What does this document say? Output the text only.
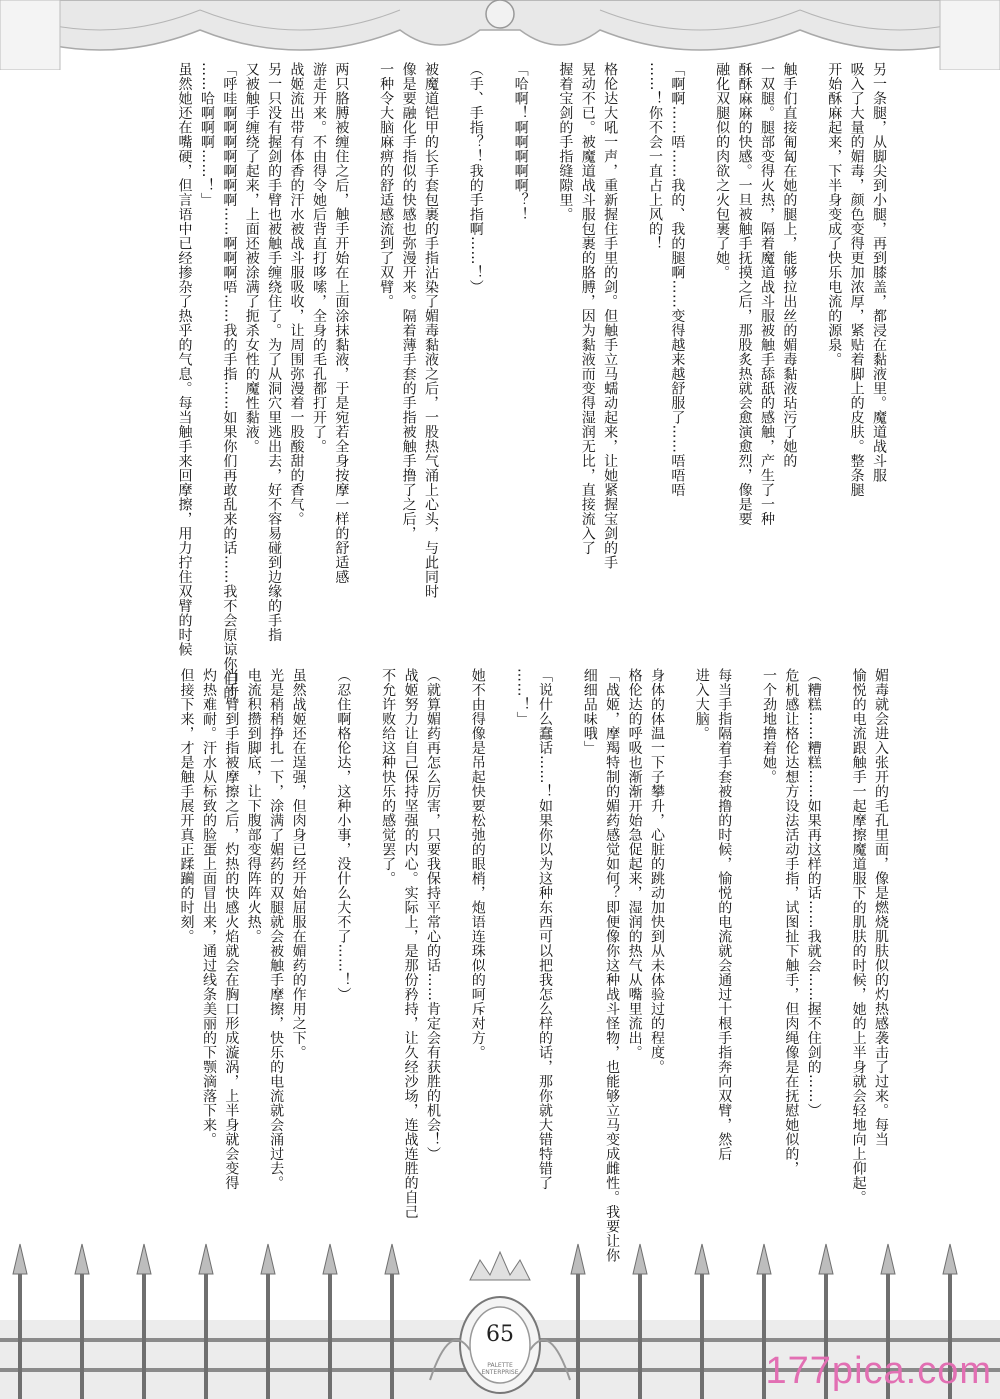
另一条腿，从脚尖到小腿，再到膝盖，都浸在黏液里。魔道战斗服
吸入了大量的媚毒，颜色变得更加浓厚，紧贴着脚上的皮肤。整条腿
开始酥麻起来，下半身变成了快乐电流的源泉。
触手们直接匍匐在她的腿上，能够拉出丝的媚毒黏液玷污了她的
一双腿。腿部变得火热，隔着魔道战斗服被触手舔舐的感触，产生了一种
酥酥麻麻的快感。一旦被触手抚摸之后，那股炙热就会愈演愈烈，像是要
融化双腿似的肉欲之火包裹了她。
「啊啊……唔……我的、我的腿啊……变得越来越舒服了……唔唔唔
……！你不会一直占上风的！
格伦达大吼一声，重新握住手里的剑。但触手立马蠕动起来，让她紧握宝剑的手
晃动不已。被魔道战斗服包裹的胳膊，因为黏液而变得湿润无比，直接流入了
握着宝剑的手指缝隙里。
「哈啊！啊啊啊啊啊？！
（手、手指？！我的手指啊……！）
被魔道铠甲的长手套包裹的手指沾染了媚毒黏液之后，一股热气涌上心头，与此同时
像是要融化手指似的快感也弥漫开来。隔着薄手套的手指被触手撸了之后，
一种令大脑麻痹的舒适感流到了双臂。
两只胳膊被缠住之后，触手开始在上面涂抹黏液，于是宛若全身按摩一样的舒适感
游走开来。不由得令她后背直打哆嗦，全身的毛孔都打开了。
战姬流出带有体香的汗水被战斗服吸收，让周围弥漫着一股酸甜的香气。
另一只没有握剑的手臂也被触手缠绕住了。为了从洞穴里逃出去，好不容易碰到边缘的手指
又被触手缠绕了起来，上面还被涂满了扼杀女性的魔性黏液。
「呼哇啊啊啊啊啊啊啊……啊啊啊唔……我的手指……如果你们再敢乱来的话……我不会原谅你们的
……哈啊啊啊……！」
虽然她还在嘴硬，但言语中已经掺杂了热乎的气息。每当触手来回摩擦，用力拧住双臂的时候
媚毒就会进入张开的毛孔里面，像是燃烧肌肤似的灼热感袭击了过来。每当
愉悦的电流跟触手一起摩擦魔道服下的肌肤的时候，她的上半身就会轻地向上仰起。
（糟糕……糟糕……如果再这样的话……我就会……握不住剑的……）
危机感让格伦达想方设法活动手指，试图扯下触手，但肉绳像是在抚慰她似的，
一个劲地撸着她。
每当手指隔着手套被撸的时候，愉悦的电流就会通过十根手指奔向双臂，然后
进入大脑。
身体的体温一下子攀升，心脏的跳动加快到从未体验过的程度。
格伦达的呼吸也渐渐开始急促起来，湿润的热气从嘴里流出。
「战姬，摩羯特制的媚药感觉如何？即便像你这种战斗怪物，也能够立马变成雌性。我要让你
细细品味哦」
「说什么蠢话……！如果你以为这种东西可以把我怎么样的话，那你就大错特错了
……！」
她不由得像是吊起快要松弛的眼梢，炮语连珠似的呵斥对方。
（就算媚药再怎么厉害，只要我保持平常心的话……肯定会有获胜的机会！）
战姬努力让自己保持坚强的内心。实际上，是那份矜持，让久经沙场，连战连胜的自己
不允许败给这种快乐的感觉罢了。
（忍住啊格伦达，这种小事，没什么大不了……！）
虽然战姬还在逞强，但肉身已经开始屈服在媚药的作用之下。
光是稍稍挣扎一下，涂满了媚药的双腿就会被触手摩擦，快乐的电流就会涌过去。
电流积攒到脚底，让下腹部变得阵阵火热。
当手臂到手指被摩擦之后，灼热的快感火焰就会在胸口形成漩涡，上半身就会变得
灼热难耐。汗水从标致的脸蛋上面冒出来，通过线条美丽的下颚滴落下来。
但接下来，才是触手展开真正蹂躏的时刻。
65
PALETTE ENTERPRISE	177pica.com
